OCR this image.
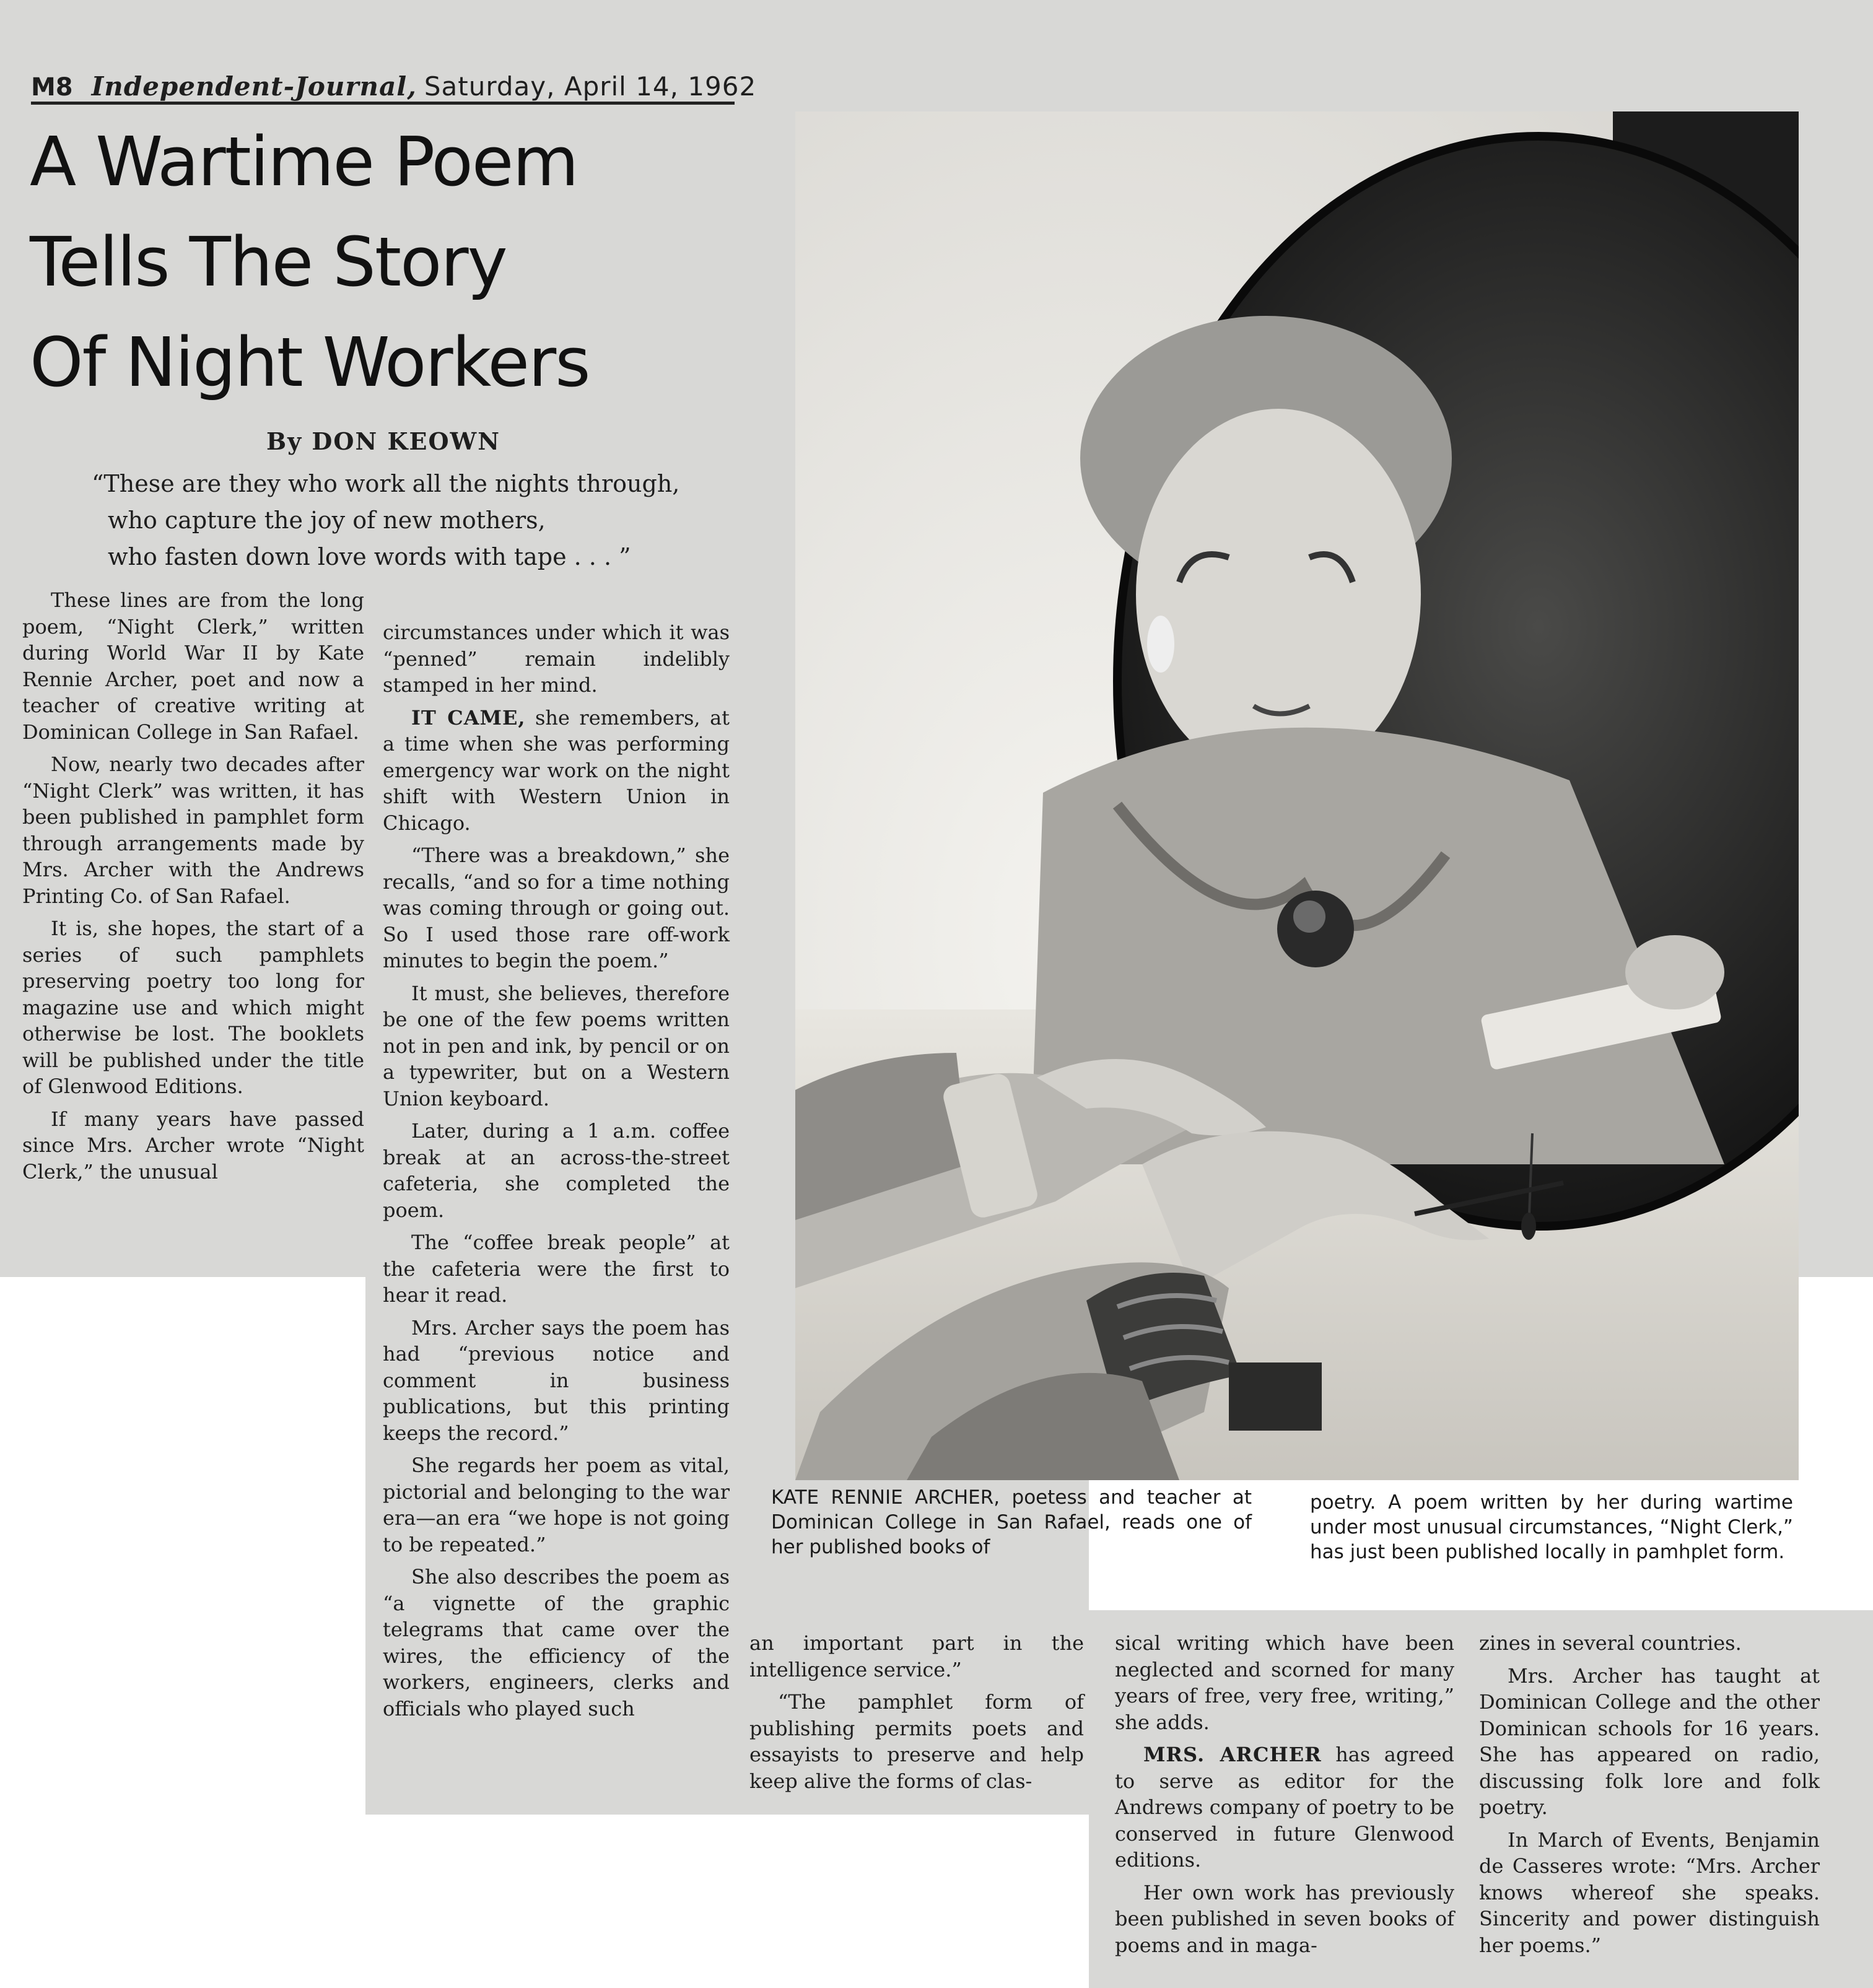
M8 Independent-Journal, Saturday, April 14, 1962
A Wartime Poem
Tells The Story
Of Night Workers
By DON KEOWN
“These are they who work all the nights through,
who capture the joy of new mothers,
who fasten down love words with tape . . . ”

These lines are from the long poem, “Night Clerk,” written during World War II by Kate Rennie Archer, poet and now a teacher of creative writing at Dominican College in San Rafael.

Now, nearly two decades after “Night Clerk” was written, it has been published in pamphlet form through arrangements made by Mrs. Archer with the Andrews Printing Co. of San Rafael.

It is, she hopes, the start of a series of such pamphlets preserving poetry too long for magazine use and which might otherwise be lost. The booklets will be published under the title of Glenwood Editions.

If many years have passed since Mrs. Archer wrote “Night Clerk,” the unusual

circumstances under which it was “penned” remain indelibly stamped in her mind.

IT CAME, she remembers, at a time when she was performing emergency war work on the night shift with Western Union in Chicago.

“There was a breakdown,” she recalls, “and so for a time nothing was coming through or going out. So I used those rare off-work minutes to begin the poem.”

It must, she believes, therefore be one of the few poems written not in pen and ink, by pencil or on a typewriter, but on a Western Union keyboard.

Later, during a 1 a.m. coffee break at an across-the-street cafeteria, she completed the poem.

The “coffee break people” at the cafeteria were the first to hear it read.

Mrs. Archer says the poem has had “previous notice and comment in business publications, but this printing keeps the record.”

She regards her poem as vital, pictorial and belonging to the war era—an era “we hope is not going to be repeated.”

She also describes the poem as “a vignette of the graphic telegrams that came over the wires, the efficiency of the workers, engineers, clerks and officials who played such

an important part in the intelligence service.”

“The pamphlet form of publishing permits poets and essayists to preserve and help keep alive the forms of clas-

sical writing which have been neglected and scorned for many years of free, very free, writing,” she adds.

MRS. ARCHER has agreed to serve as editor for the Andrews company of poetry to be conserved in future Glenwood editions.

Her own work has previously been published in seven books of poems and in maga-

zines in several countries.

Mrs. Archer has taught at Dominican College and the other Dominican schools for 16 years. She has appeared on radio, discussing folk lore and folk poetry.

In March of Events, Benjamin de Casseres wrote: “Mrs. Archer knows whereof she speaks. Sincerity and power distinguish her poems.”

KATE RENNIE ARCHER, poetess and teacher at Dominican College in San Rafael, reads one of her published books of
poetry. A poem written by her during wartime under most unusual circumstances, “Night Clerk,” has just been published locally in pamhplet form.
